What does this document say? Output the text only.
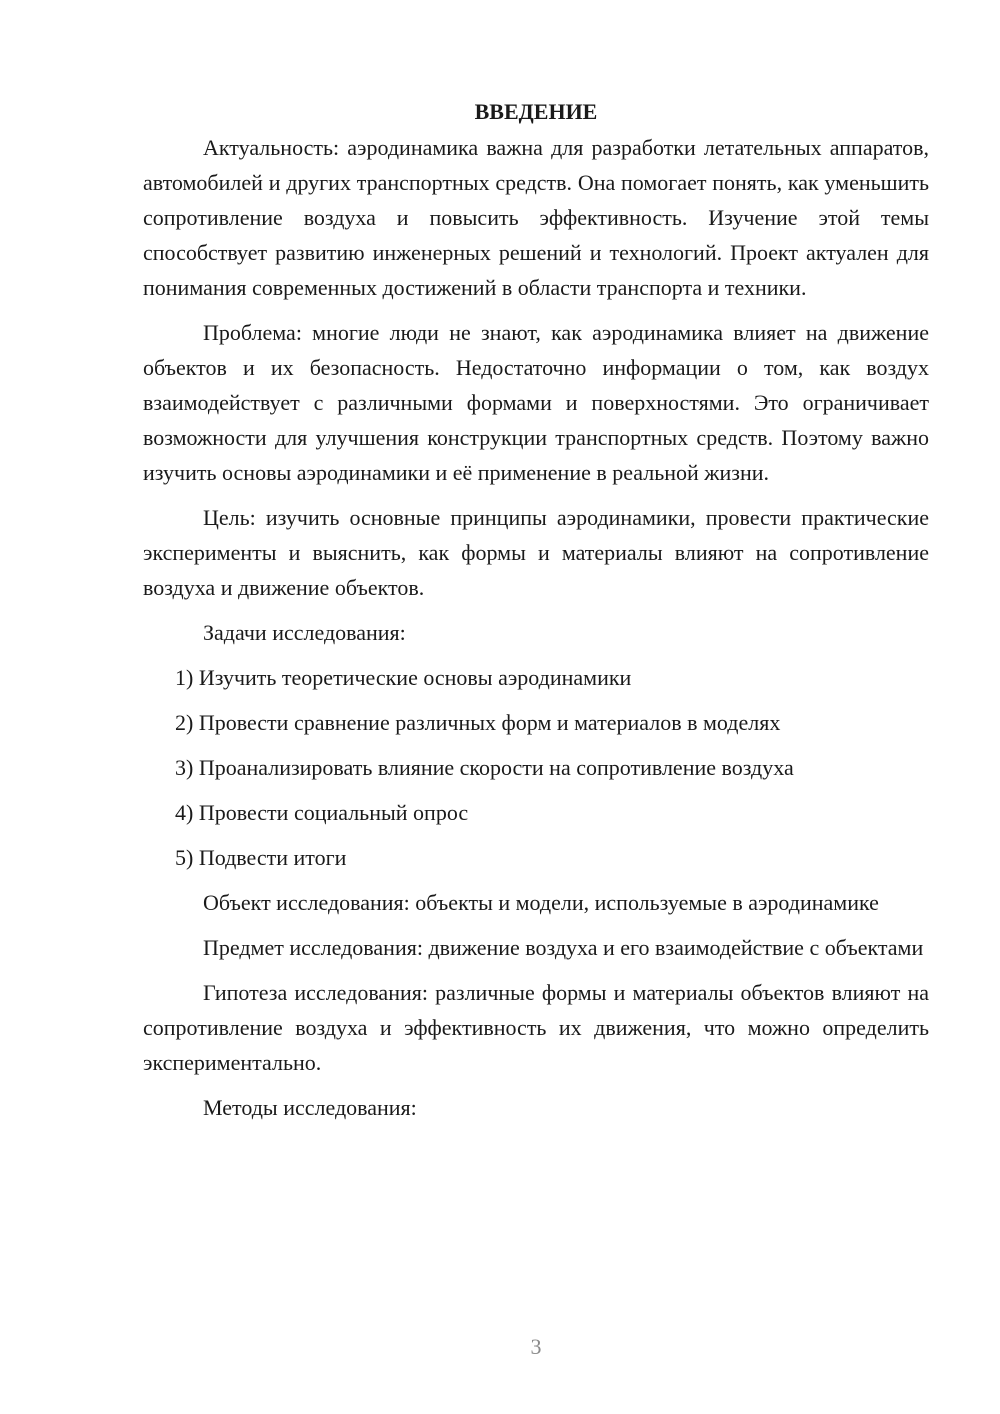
ВВЕДЕНИЕ

Актуальность: аэродинамика важна для разработки летательных аппаратов, автомобилей и других транспортных средств. Она помогает понять, как уменьшить сопротивление воздуха и повысить эффективность. Изучение этой темы способствует развитию инженерных решений и технологий. Проект актуален для понимания современных достижений в области транспорта и техники.

Проблема: многие люди не знают, как аэродинамика влияет на движение объектов и их безопасность. Недостаточно информации о том, как воздух взаимодействует с различными формами и поверхностями. Это ограничивает возможности для улучшения конструкции транспортных средств. Поэтому важно изучить основы аэродинамики и её применение в реальной жизни.

Цель: изучить основные принципы аэродинамики, провести практические эксперименты и выяснить, как формы и материалы влияют на сопротивление воздуха и движение объектов.

Задачи исследования:

1) Изучить теоретические основы аэродинамики

2) Провести сравнение различных форм и материалов в моделях

3) Проанализировать влияние скорости на сопротивление воздуха

4) Провести социальный опрос

5) Подвести итоги

Объект исследования: объекты и модели, используемые в аэродинамике

Предмет исследования: движение воздуха и его взаимодействие с объектами

Гипотеза исследования: различные формы и материалы объектов влияют на сопротивление воздуха и эффективность их движения, что можно определить экспериментально.

Методы исследования:

3
